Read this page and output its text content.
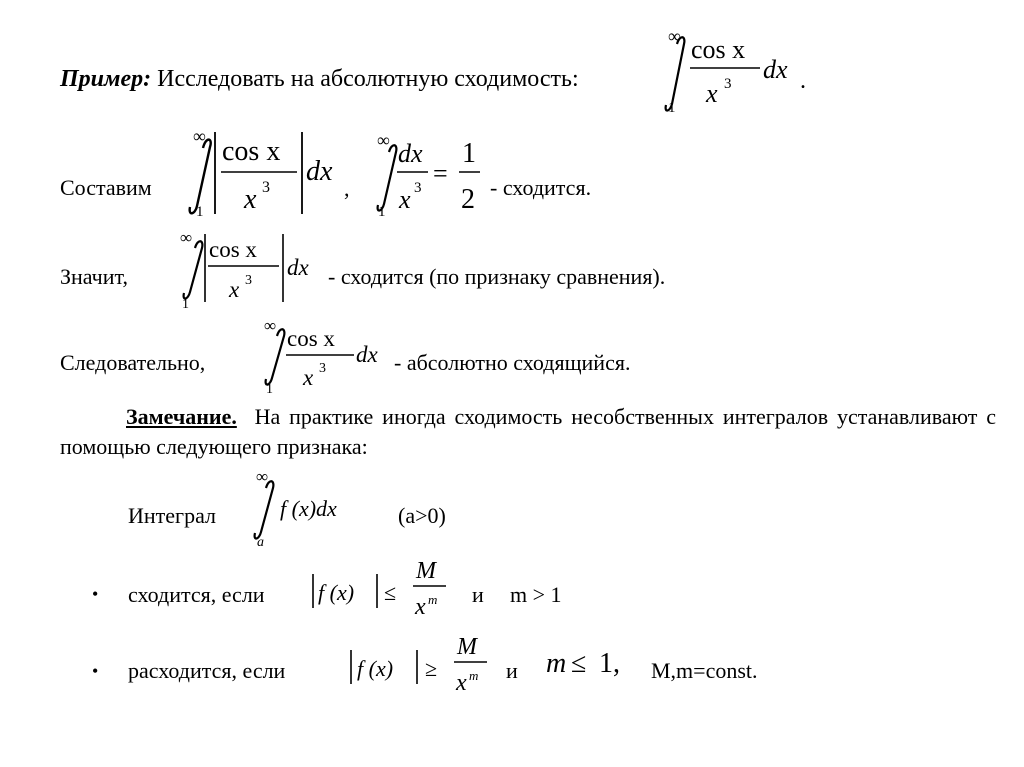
Пример: Исследовать на абсолютную сходимость:
∞
1
cos x
x 3 dx .
Составим
∞
1
cos x
x 3
dx
,
∞
1
dx
x 3 =
1
2 - сходится.
Значит,
∞
1
cos x
x 3
dx - сходится (по признаку сравнения).
Следовательно,
∞
1
cos x
x 3
dx - абсолютно сходящийся.
Замечание. На практике иногда сходимость несобственных интегралов устанавливают с помощью следующего признака:
Интеграл
∞
a
f (x)dx	(a>0)
• сходится, если f (x) ≤
M
x m и m > 1
• расходится, если	f (x) ≥
M
x m m ≤ 1,
и	M,m=const.
